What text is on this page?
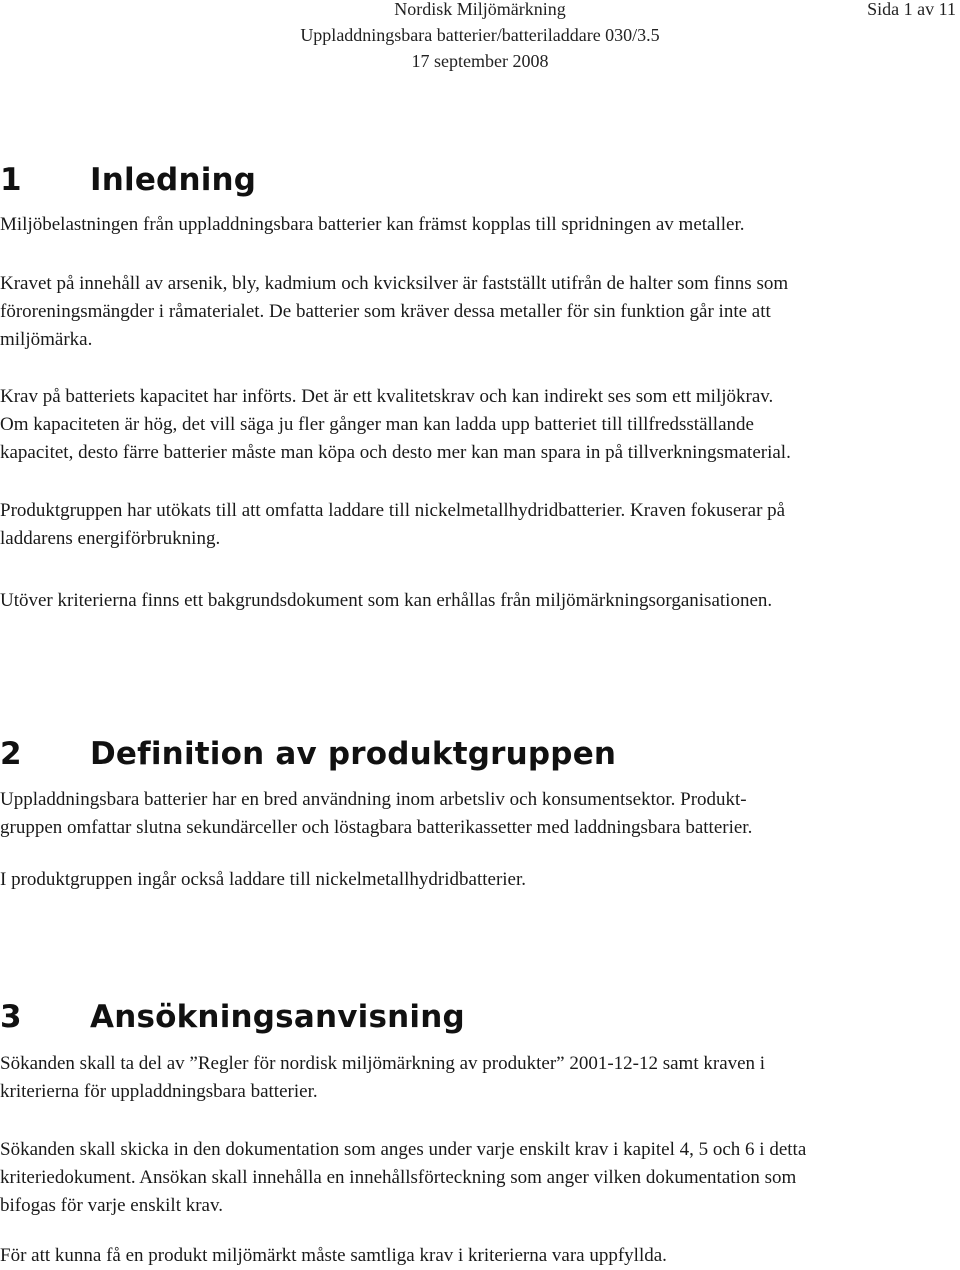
Nordisk Miljömärkning
Uppladdningsbara batterier/batteriladdare 030/3.5
17 september 2008
Sida 1 av 11
1 Inledning

Miljöbelastningen från uppladdningsbara batterier kan främst kopplas till spridningen av metaller.

Kravet på innehåll av arsenik, bly, kadmium och kvicksilver är fastställt utifrån de halter som finns som
föroreningsmängder i råmaterialet. De batterier som kräver dessa metaller för sin funktion går inte att
miljömärka.

Krav på batteriets kapacitet har införts. Det är ett kvalitetskrav och kan indirekt ses som ett miljökrav.
Om kapaciteten är hög, det vill säga ju fler gånger man kan ladda upp batteriet till tillfredsställande
kapacitet, desto färre batterier måste man köpa och desto mer kan man spara in på tillverkningsmaterial.

Produktgruppen har utökats till att omfatta laddare till nickelmetallhydridbatterier. Kraven fokuserar på
laddarens energiförbrukning.

Utöver kriterierna finns ett bakgrundsdokument som kan erhållas från miljömärkningsorganisationen.

2 Definition av produktgruppen

Uppladdningsbara batterier har en bred användning inom arbetsliv och konsumentsektor. Produkt-
gruppen omfattar slutna sekundärceller och löstagbara batterikassetter med laddningsbara batterier.

I produktgruppen ingår också laddare till nickelmetallhydridbatterier.

3 Ansökningsanvisning

Sökanden skall ta del av ”Regler för nordisk miljömärkning av produkter” 2001-12-12 samt kraven i
kriterierna för uppladdningsbara batterier.

Sökanden skall skicka in den dokumentation som anges under varje enskilt krav i kapitel 4, 5 och 6 i detta
kriteriedokument. Ansökan skall innehålla en innehållsförteckning som anger vilken dokumentation som
bifogas för varje enskilt krav.

För att kunna få en produkt miljömärkt måste samtliga krav i kriterierna vara uppfyllda.
